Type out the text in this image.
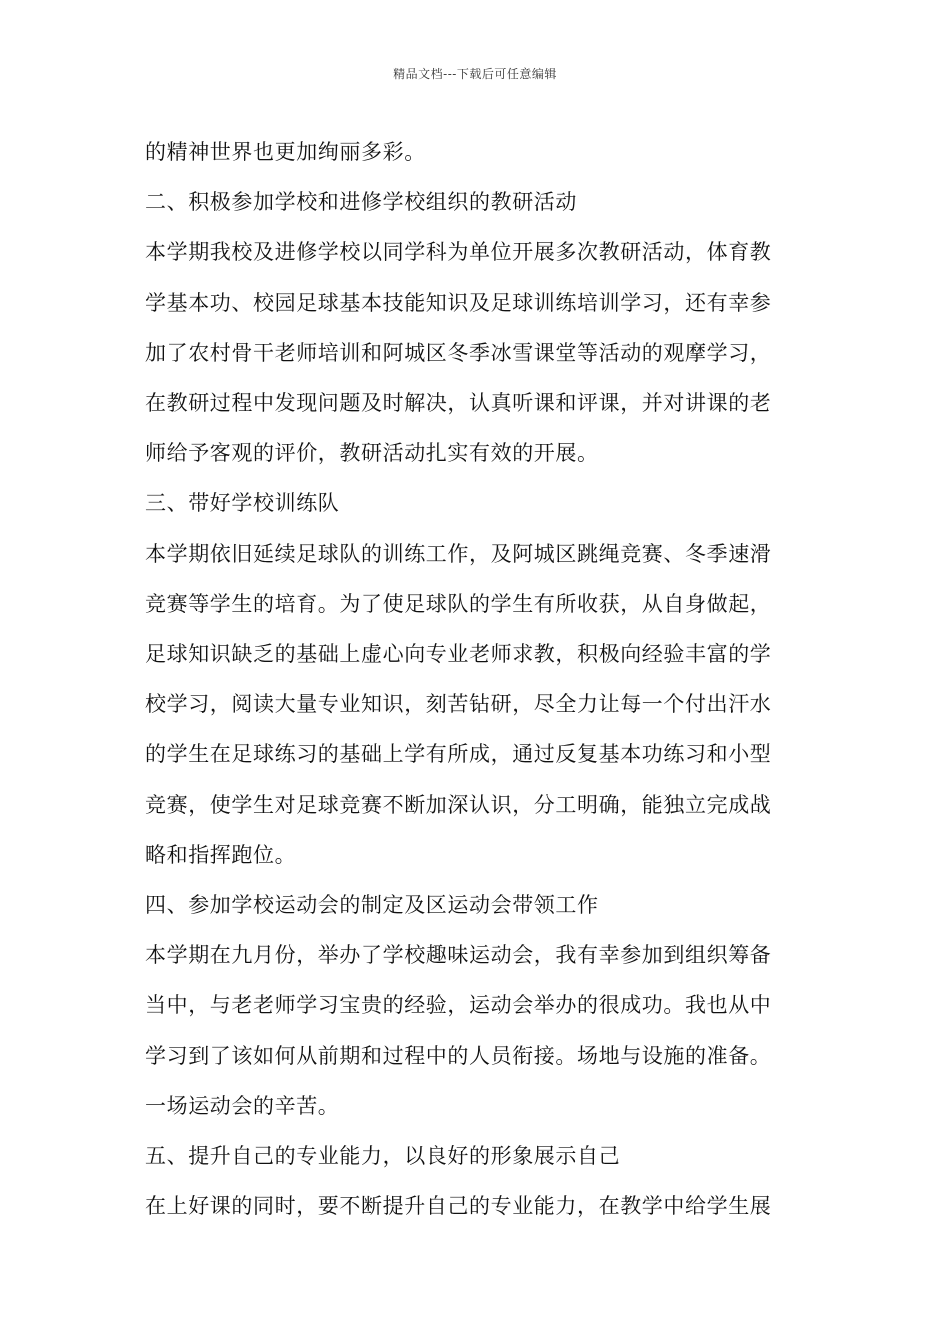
精品文档---下载后可任意编辑

的精神世界也更加绚丽多彩。

二、积极参加学校和进修学校组织的教研活动

本学期我校及进修学校以同学科为单位开展多次教研活动，体育教

学基本功、校园足球基本技能知识及足球训练培训学习，还有幸参

加了农村骨干老师培训和阿城区冬季冰雪课堂等活动的观摩学习，

在教研过程中发现问题及时解决，认真听课和评课，并对讲课的老

师给予客观的评价，教研活动扎实有效的开展。

三、带好学校训练队

本学期依旧延续足球队的训练工作，及阿城区跳绳竞赛、冬季速滑

竞赛等学生的培育。为了使足球队的学生有所收获，从自身做起，

足球知识缺乏的基础上虚心向专业老师求教，积极向经验丰富的学

校学习，阅读大量专业知识，刻苦钻研，尽全力让每一个付出汗水

的学生在足球练习的基础上学有所成，通过反复基本功练习和小型

竞赛，使学生对足球竞赛不断加深认识，分工明确，能独立完成战

略和指挥跑位。

四、参加学校运动会的制定及区运动会带领工作

本学期在九月份，举办了学校趣味运动会，我有幸参加到组织筹备

当中，与老老师学习宝贵的经验，运动会举办的很成功。我也从中

学习到了该如何从前期和过程中的人员衔接。场地与设施的准备。

一场运动会的辛苦。

五、提升自己的专业能力，以良好的形象展示自己

在上好课的同时，要不断提升自己的专业能力，在教学中给学生展
